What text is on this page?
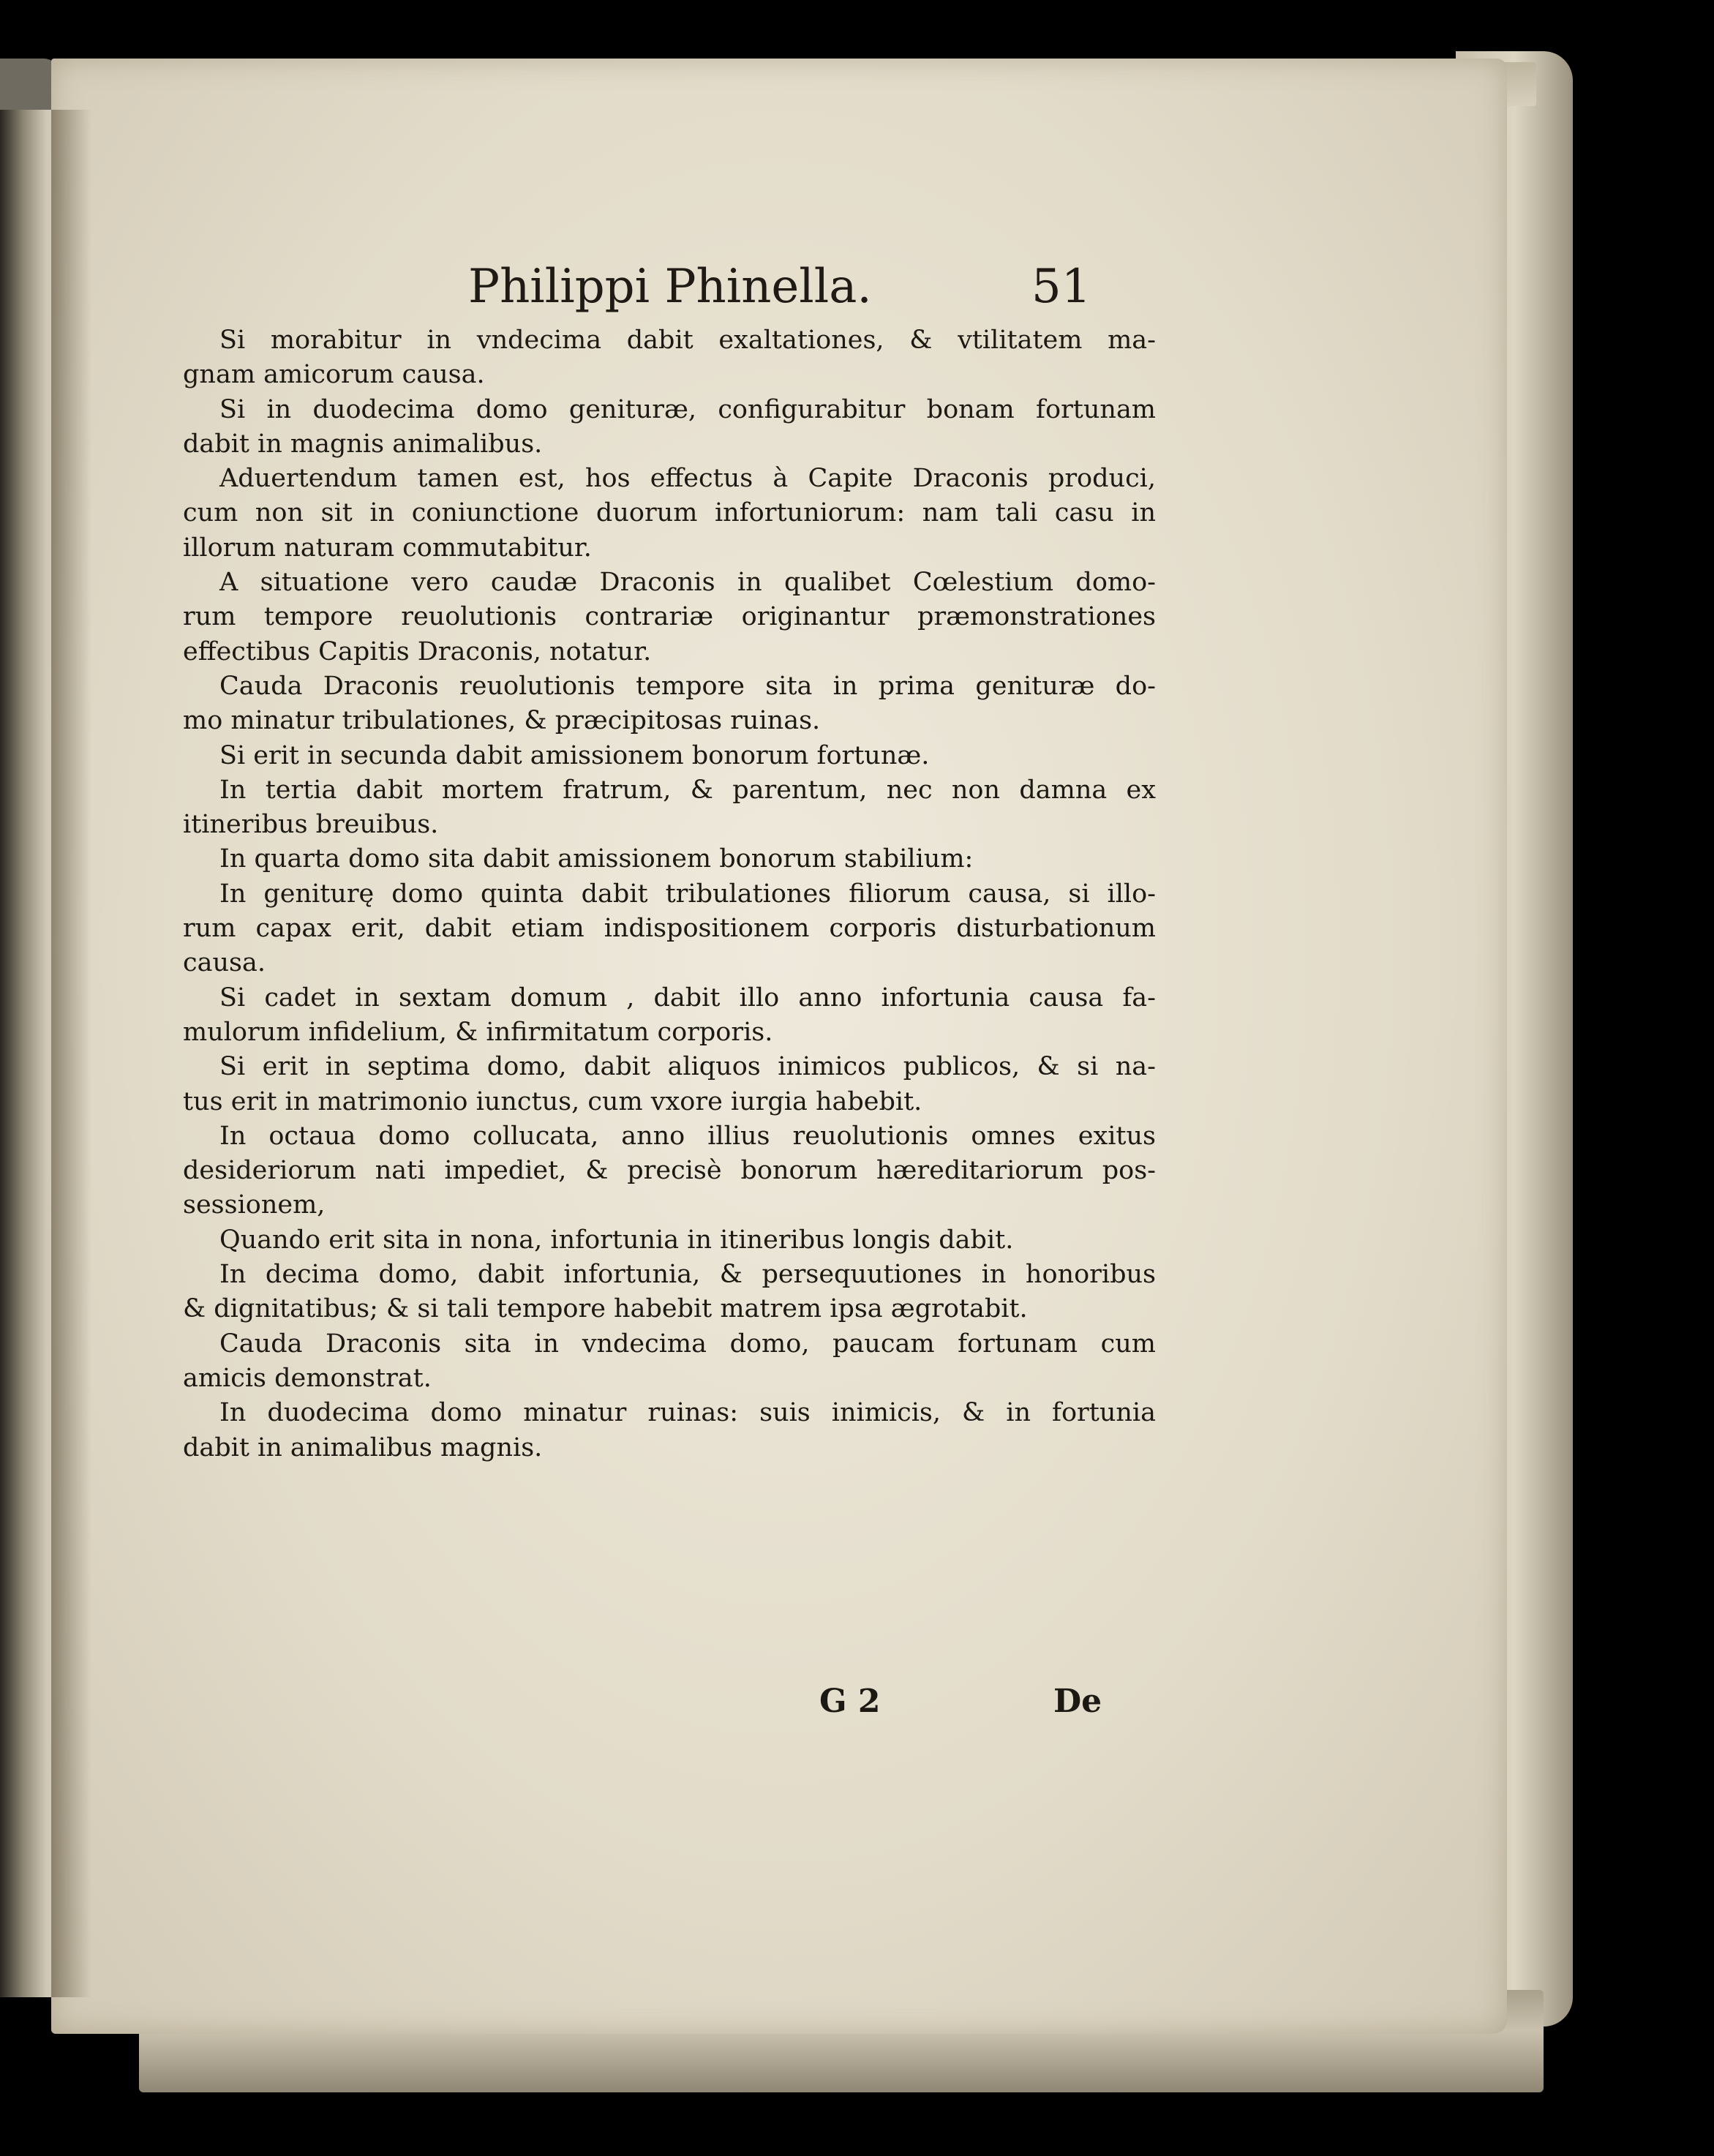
Philippi Phinella.	51
Si morabitur in vndecima dabit exaltationes, & vtilitatem ma-
gnam amicorum causa.
Si in duodecima domo genituræ, configurabitur bonam fortunam
dabit in magnis animalibus.
Aduertendum tamen est, hos effectus à Capite Draconis produci,
cum non sit in coniunctione duorum infortuniorum: nam tali casu in
illorum naturam commutabitur.
A situatione vero caudæ Draconis in qualibet Cœlestium domo-
rum tempore reuolutionis contrariæ originantur præmonstrationes
effectibus Capitis Draconis, notatur.
Cauda Draconis reuolutionis tempore sita in prima genituræ do-
mo minatur tribulationes, & præcipitosas ruinas.
Si erit in secunda dabit amissionem bonorum fortunæ.
In tertia dabit mortem fratrum, & parentum, nec non damna ex
itineribus breuibus.
In quarta domo sita dabit amissionem bonorum stabilium:
In geniturę domo quinta dabit tribulationes filiorum causa, si illo-
rum capax erit, dabit etiam indispositionem corporis disturbationum
causa.
Si cadet in sextam domum , dabit illo anno infortunia causa fa-
mulorum infidelium, & infirmitatum corporis.
Si erit in septima domo, dabit aliquos inimicos publicos, & si na-
tus erit in matrimonio iunctus, cum vxore iurgia habebit.
In octaua domo collucata, anno illius reuolutionis omnes exitus
desideriorum nati impediet, & precisè bonorum hæreditariorum pos-
sessionem,
Quando erit sita in nona, infortunia in itineribus longis dabit.
In decima domo, dabit infortunia, & persequutiones in honoribus
& dignitatibus; & si tali tempore habebit matrem ipsa ægrotabit.
Cauda Draconis sita in vndecima domo, paucam fortunam cum
amicis demonstrat.
In duodecima domo minatur ruinas: suis inimicis, & in fortunia
dabit in animalibus magnis.
G 2	De
